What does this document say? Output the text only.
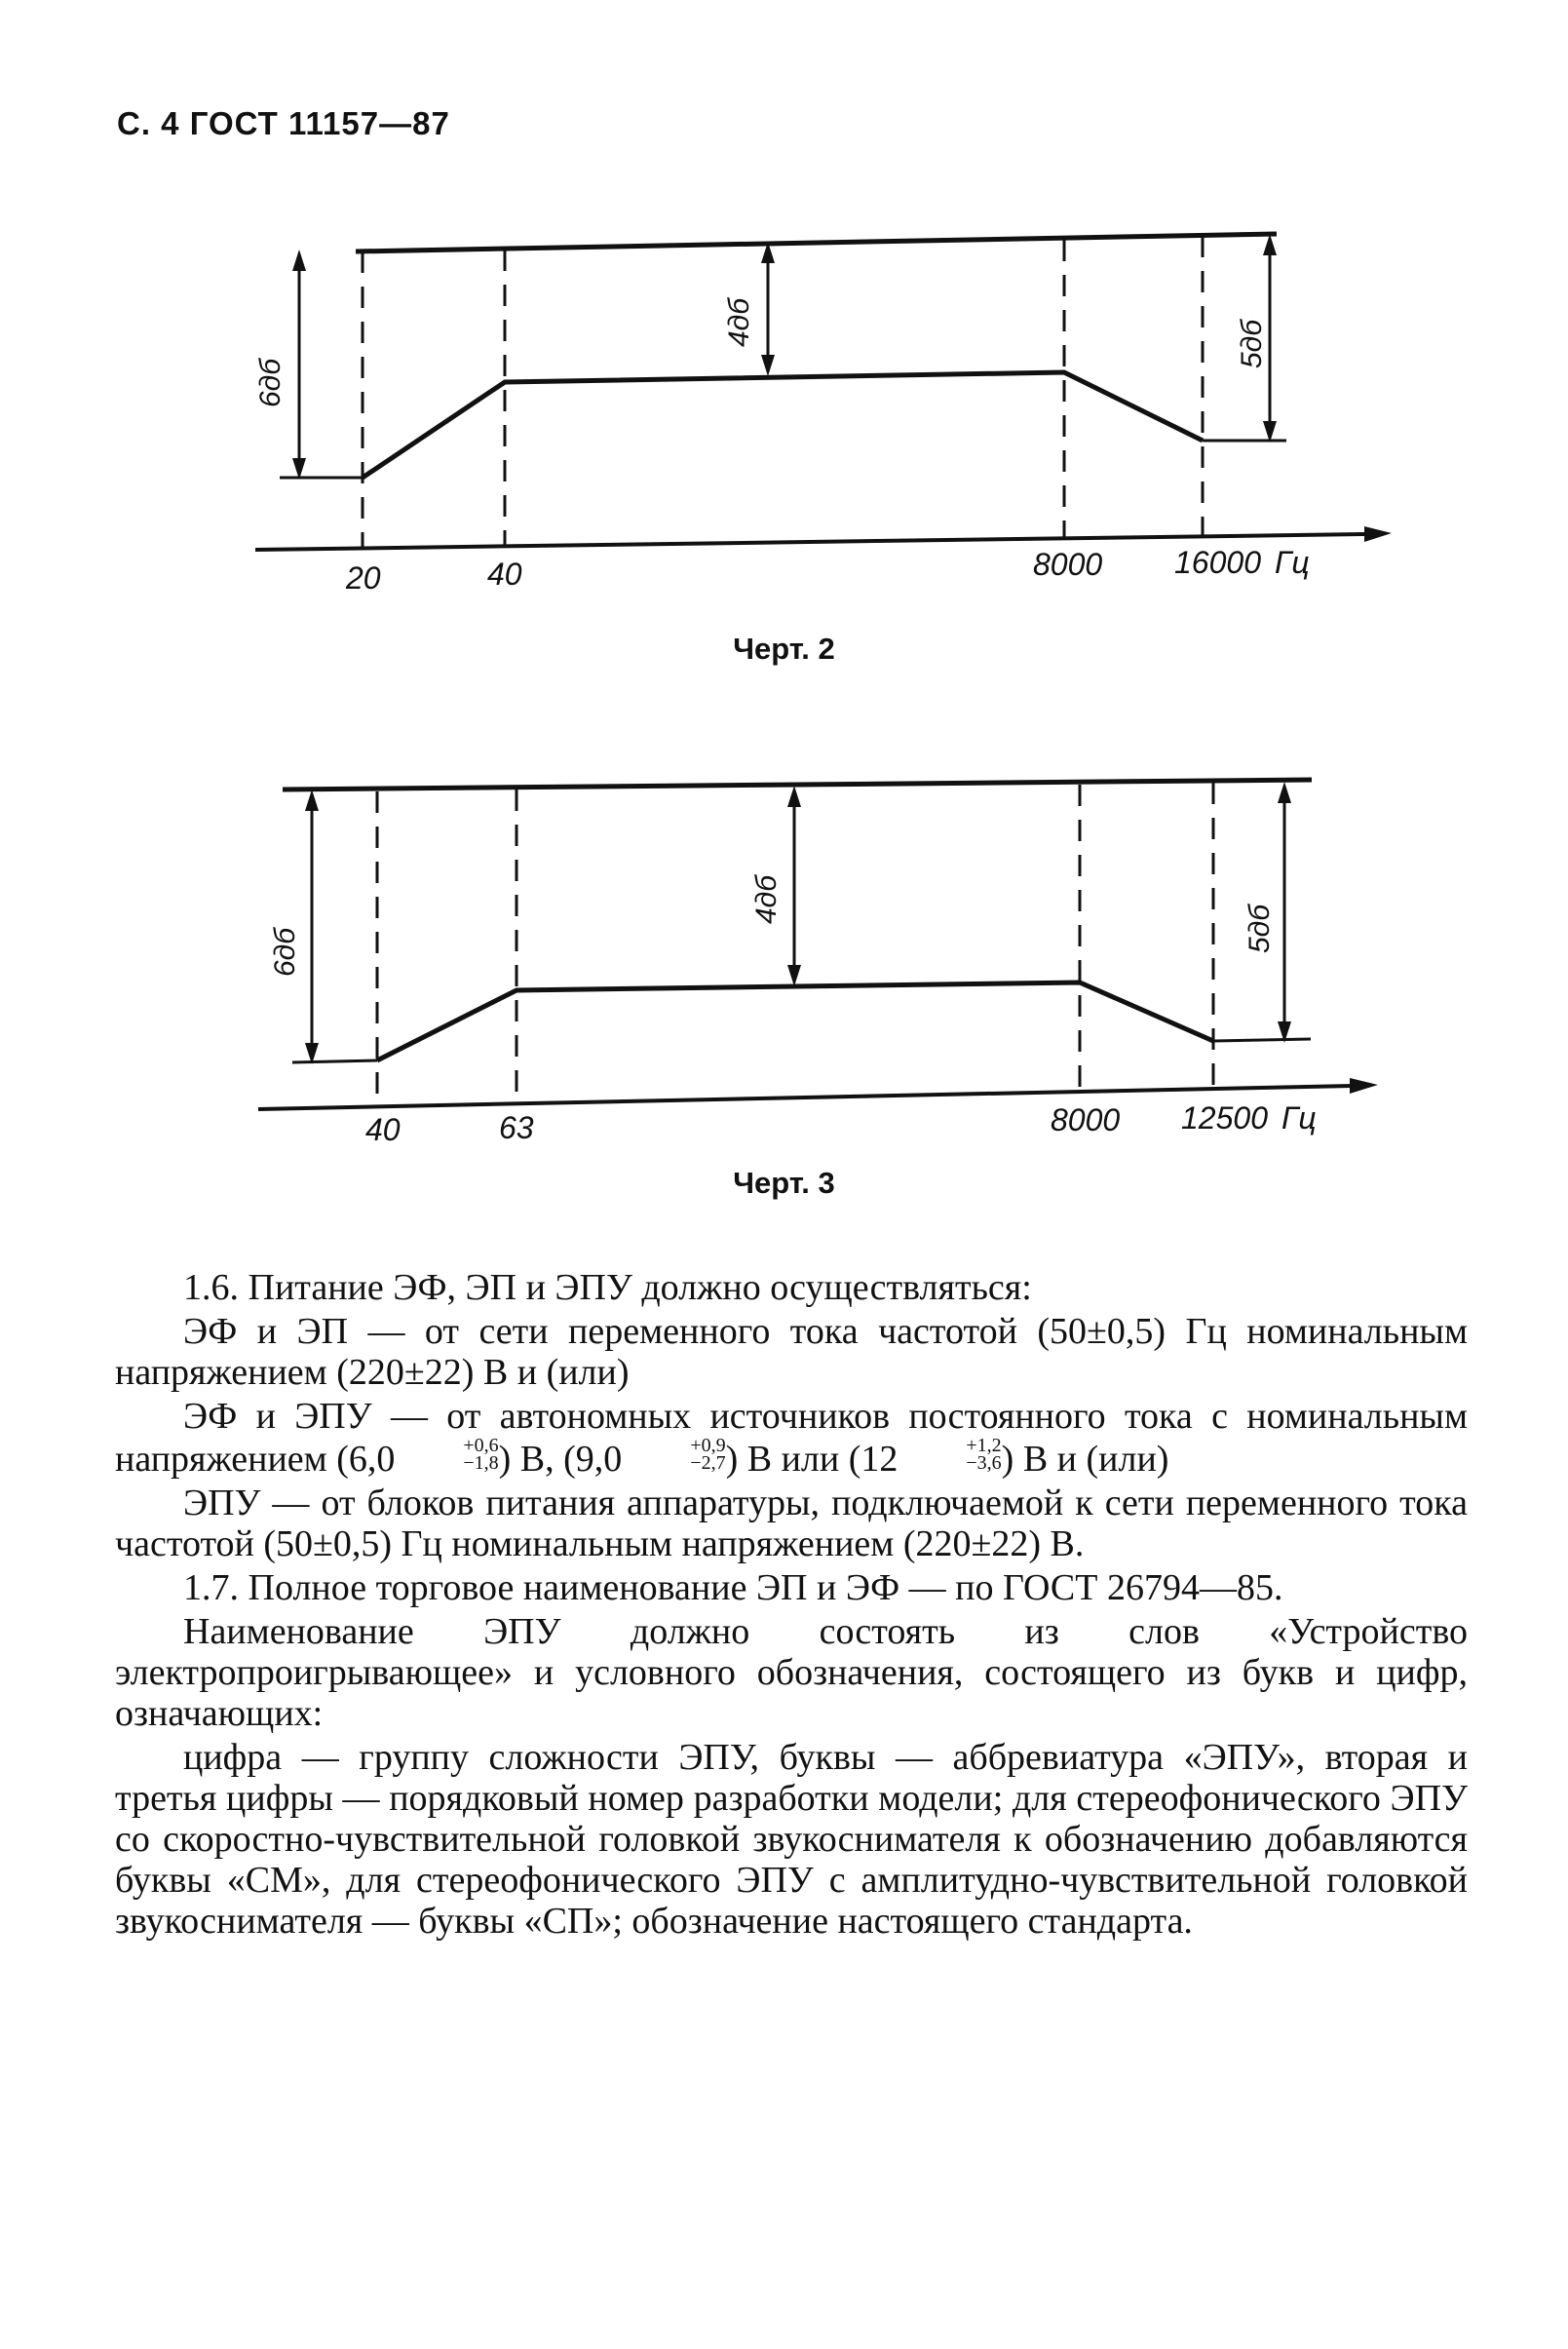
С. 4 ГОСТ 11157—87
6дб
4дб	5дб
20	40	8000 16000 Гц
Черт. 2
6дб
4дб
5дб
40	63	8000 12500 Гц
Черт. 3

1.6. Питание ЭФ, ЭП и ЭПУ должно осуществляться:

ЭФ и ЭП — от сети переменного тока частотой (50±0,5) Гц номинальным напряжением (220±22) В и (или)

ЭФ и ЭПУ — от автономных источников постоянного тока с номинальным напряжением (6,0	$^{+0,6 -1,8}$ ) В, (9,0	$^{+0,9 -2,7}$ ) В или (12	$^{+1,2 -3,6}$ ) В и (или)

ЭПУ — от блоков питания аппаратуры, подключаемой к сети переменного тока частотой (50±0,5) Гц номинальным напряжением (220±22) В.

1.7. Полное торговое наименование ЭП и ЭФ — по ГОСТ 26794—85.

Наименование ЭПУ должно состоять из слов «Устройство электропроигрывающее» и условного обозначения, состоящего из букв и цифр, означающих:

цифра — группу сложности ЭПУ, буквы — аббревиатура «ЭПУ», вторая и третья цифры — порядковый номер разработки модели; для стереофонического ЭПУ со скоростно-чувствительной головкой звукоснимателя к обозначению добавляются буквы «СМ», для стереофонического ЭПУ с амплитудно-чувствительной головкой звукоснимателя — буквы «СП»; обозначение настоящего стандарта.
